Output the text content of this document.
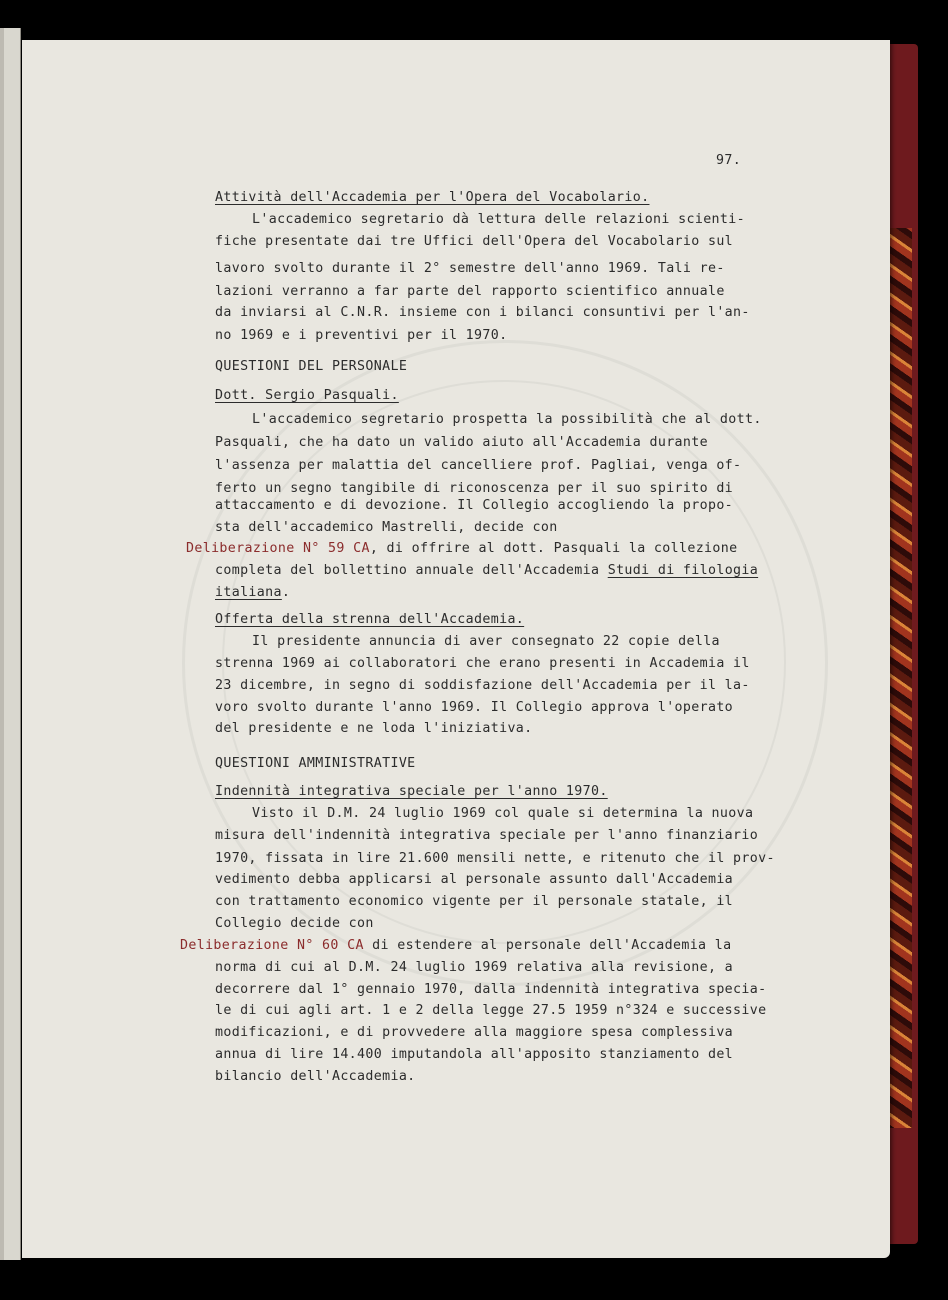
97.
Attività dell'Accademia per l'Opera del Vocabolario.
L'accademico segretario dà lettura delle relazioni scienti-
fiche presentate dai tre Uffici dell'Opera del Vocabolario sul
lavoro svolto durante il 2° semestre dell'anno 1969. Tali re-
lazioni verranno a far parte del rapporto scientifico annuale
da inviarsi al C.N.R. insieme con i bilanci consuntivi per l'an-
no 1969 e i preventivi per il 1970.
QUESTIONI DEL PERSONALE
Dott. Sergio Pasquali.
L'accademico segretario prospetta la possibilità che al dott.
Pasquali, che ha dato un valido aiuto all'Accademia durante
l'assenza per malattia del cancelliere prof. Pagliai, venga of-
ferto un segno tangibile di riconoscenza per il suo spirito di
attaccamento e di devozione. Il Collegio accogliendo la propo-
sta dell'accademico Mastrelli, decide con
Deliberazione N° 59 CA, di offrire al dott. Pasquali la collezione
completa del bollettino annuale dell'Accademia Studi di filologia
italiana.
Offerta della strenna dell'Accademia.
Il presidente annuncia di aver consegnato 22 copie della
strenna 1969 ai collaboratori che erano presenti in Accademia il
23 dicembre, in segno di soddisfazione dell'Accademia per il la-
voro svolto durante l'anno 1969. Il Collegio approva l'operato
del presidente e ne loda l'iniziativa.
QUESTIONI AMMINISTRATIVE
Indennità integrativa speciale per l'anno 1970.
Visto il D.M. 24 luglio 1969 col quale si determina la nuova
misura dell'indennità integrativa speciale per l'anno finanziario
1970, fissata in lire 21.600 mensili nette, e ritenuto che il prov-
vedimento debba applicarsi al personale assunto dall'Accademia
con trattamento economico vigente per il personale statale, il
Collegio decide con
Deliberazione N° 60 CA di estendere al personale dell'Accademia la
norma di cui al D.M. 24 luglio 1969 relativa alla revisione, a
decorrere dal 1° gennaio 1970, dalla indennità integrativa specia-
le di cui agli art. 1 e 2 della legge 27.5 1959 n°324 e successive
modificazioni, e di provvedere alla maggiore spesa complessiva
annua di lire 14.400 imputandola all'apposito stanziamento del
bilancio dell'Accademia.
